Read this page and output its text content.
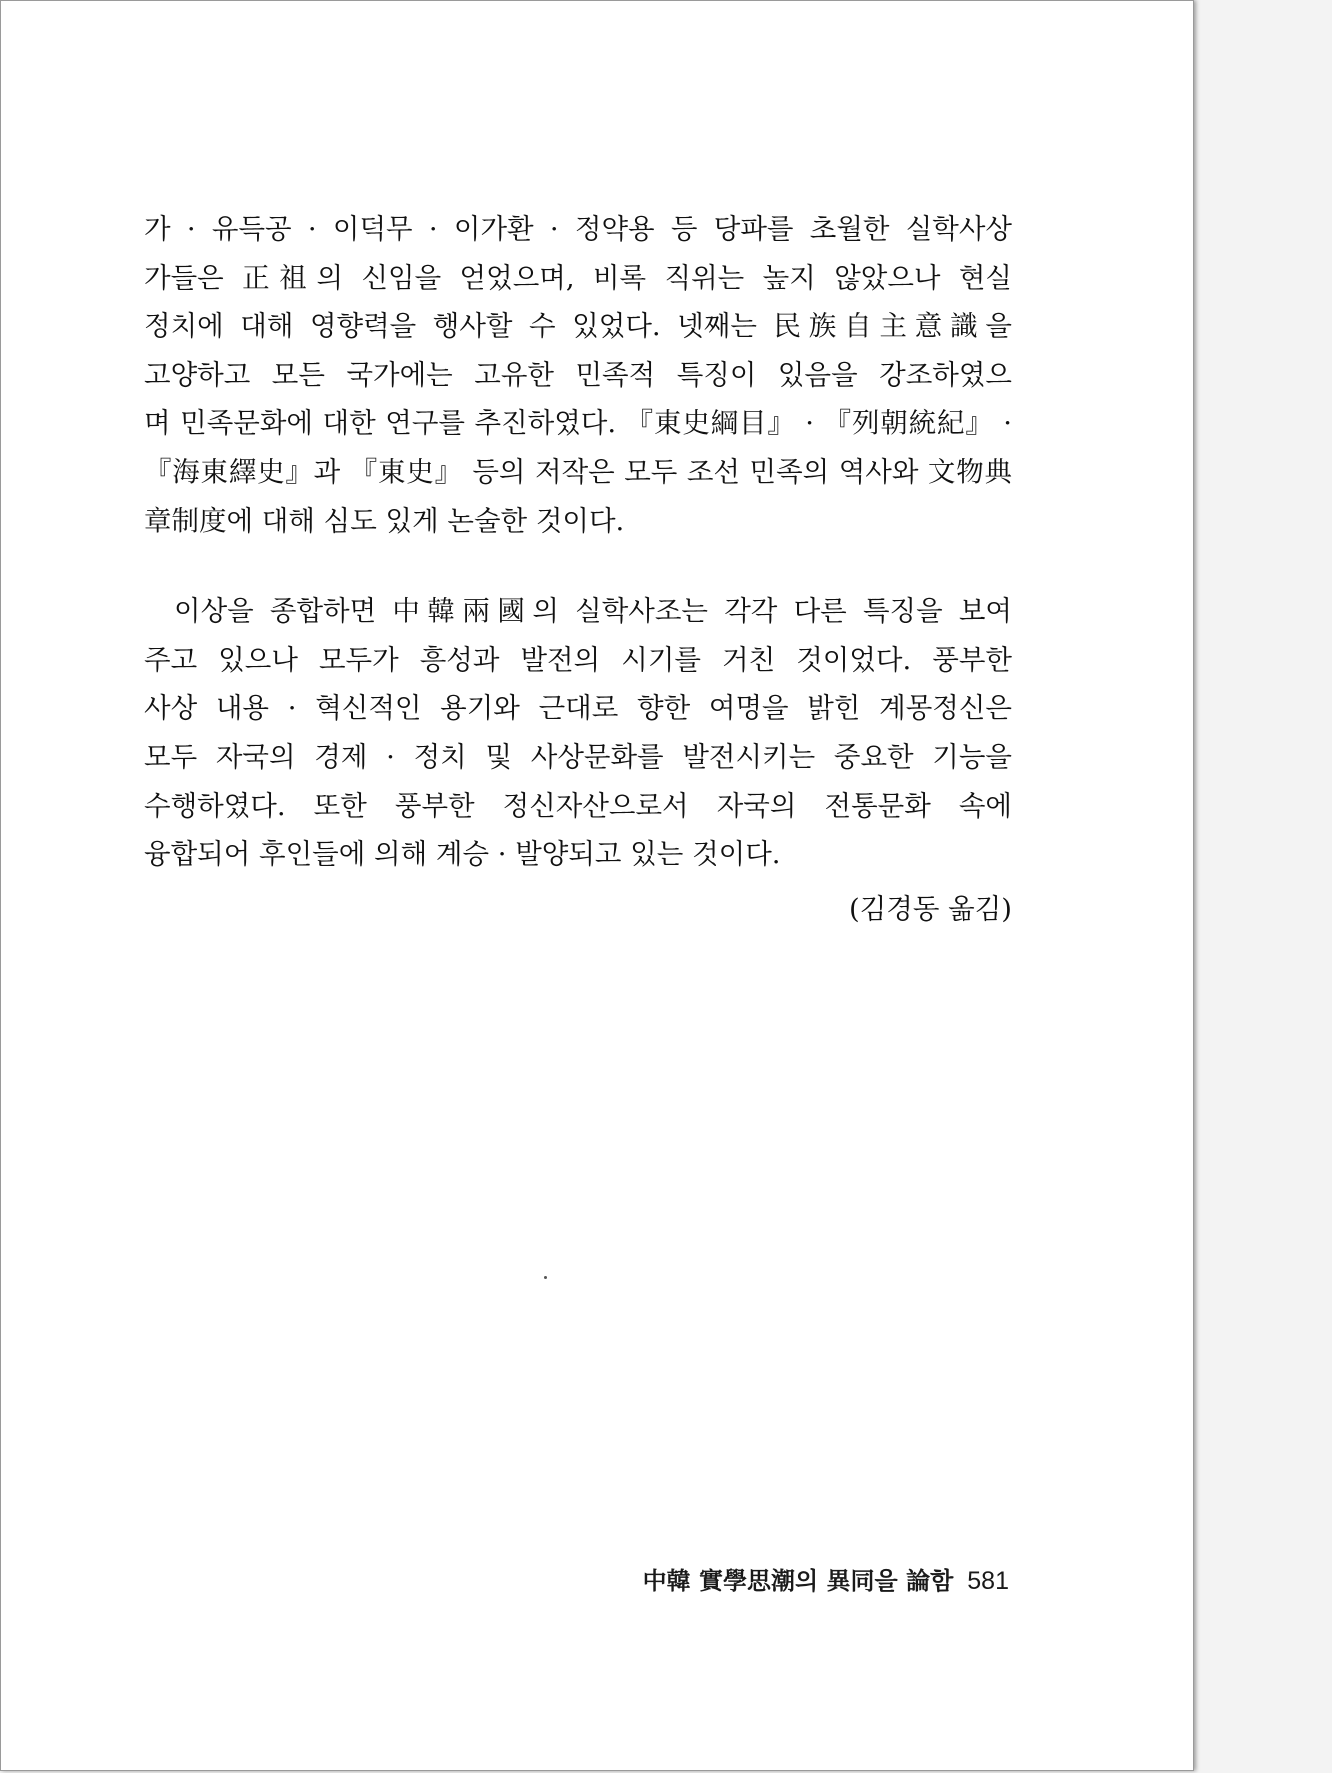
가 · 유득공 · 이덕무 · 이가환 · 정약용 등 당파를 초월한 실학사상
가들은 正祖의 신임을 얻었으며, 비록 직위는 높지 않았으나 현실
정치에 대해 영향력을 행사할 수 있었다. 넷째는 民族自主意識을
고양하고 모든 국가에는 고유한 민족적 특징이 있음을 강조하였으
며 민족문화에 대한 연구를 추진하였다. 『東史綱目』 · 『列朝統紀』 ·
『海東繹史』과 『東史』 등의 저작은 모두 조선 민족의 역사와 文物典
章制度에 대해 심도 있게 논술한 것이다.
이상을 종합하면 中韓兩國의 실학사조는 각각 다른 특징을 보여
주고 있으나 모두가 흥성과 발전의 시기를 거친 것이었다. 풍부한
사상 내용 · 혁신적인 용기와 근대로 향한 여명을 밝힌 계몽정신은
모두 자국의 경제 · 정치 및 사상문화를 발전시키는 중요한 기능을
수행하였다. 또한 풍부한 정신자산으로서 자국의 전통문화 속에
융합되어 후인들에 의해 계승 · 발양되고 있는 것이다.
(김경동 옮김)
中韓 實學思潮의 異同을 論함 581
